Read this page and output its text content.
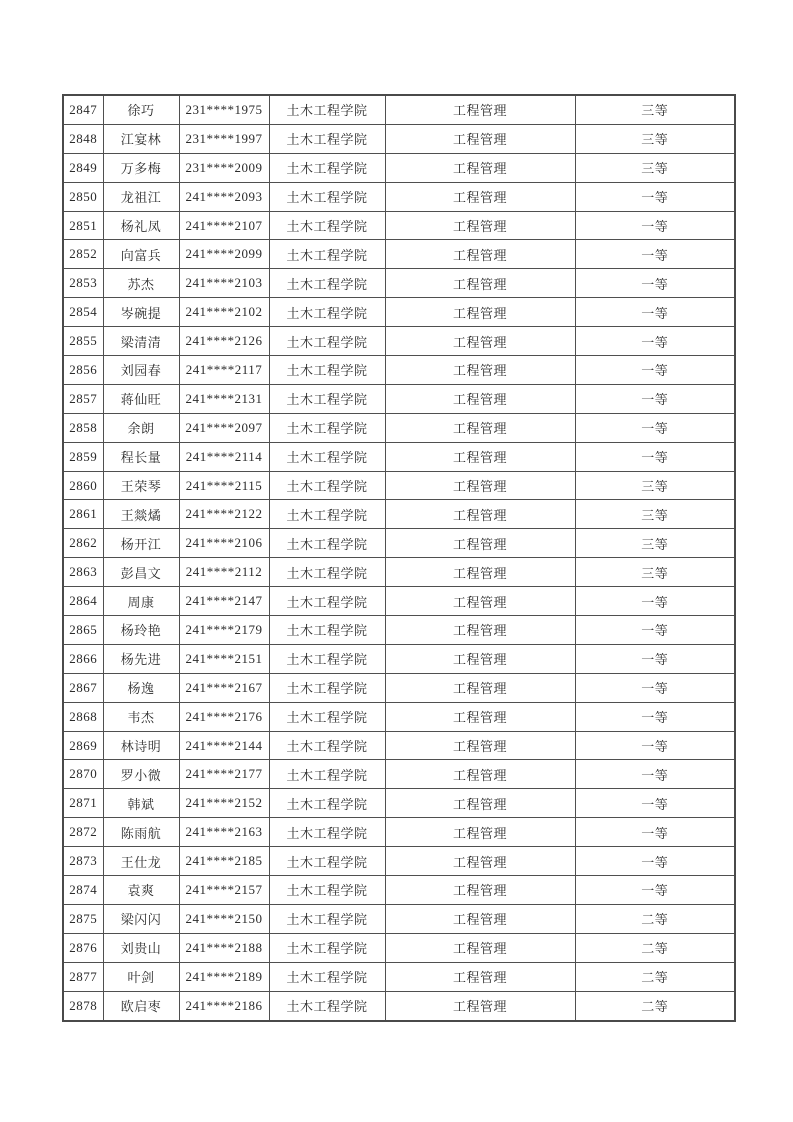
2847	徐巧	231****1975	土木工程学院	工程管理	三等
2848	江宴林	231****1997	土木工程学院	工程管理	三等
2849	万多梅	231****2009	土木工程学院	工程管理	三等
2850	龙祖江	241****2093	土木工程学院	工程管理	一等
2851	杨礼凤	241****2107	土木工程学院	工程管理	一等
2852	向富兵	241****2099	土木工程学院	工程管理	一等
2853	苏杰	241****2103	土木工程学院	工程管理	一等
2854	岑碗提	241****2102	土木工程学院	工程管理	一等
2855	梁清清	241****2126	土木工程学院	工程管理	一等
2856	刘园春	241****2117	土木工程学院	工程管理	一等
2857	蒋仙旺	241****2131	土木工程学院	工程管理	一等
2858	余朗	241****2097	土木工程学院	工程管理	一等
2859	程长量	241****2114	土木工程学院	工程管理	一等
2860	王荣琴	241****2115	土木工程学院	工程管理	三等
2861	王燚燏	241****2122	土木工程学院	工程管理	三等
2862	杨开江	241****2106	土木工程学院	工程管理	三等
2863	彭昌文	241****2112	土木工程学院	工程管理	三等
2864	周康	241****2147	土木工程学院	工程管理	一等
2865	杨玲艳	241****2179	土木工程学院	工程管理	一等
2866	杨先进	241****2151	土木工程学院	工程管理	一等
2867	杨逸	241****2167	土木工程学院	工程管理	一等
2868	韦杰	241****2176	土木工程学院	工程管理	一等
2869	林诗明	241****2144	土木工程学院	工程管理	一等
2870	罗小微	241****2177	土木工程学院	工程管理	一等
2871	韩斌	241****2152	土木工程学院	工程管理	一等
2872	陈雨航	241****2163	土木工程学院	工程管理	一等
2873	王仕龙	241****2185	土木工程学院	工程管理	一等
2874	袁爽	241****2157	土木工程学院	工程管理	一等
2875	梁闪闪	241****2150	土木工程学院	工程管理	二等
2876	刘贵山	241****2188	土木工程学院	工程管理	二等
2877	叶剑	241****2189	土木工程学院	工程管理	二等
2878	欧启枣	241****2186	土木工程学院	工程管理	二等
